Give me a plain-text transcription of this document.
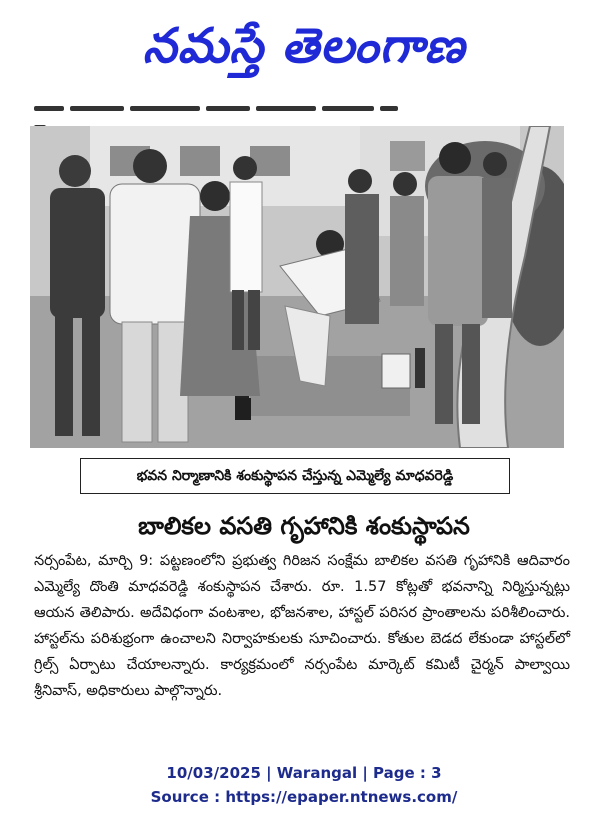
నమస్తే తెలంగాణ
భవన నిర్మాణానికి శంకుస్థాపన చేస్తున్న ఎమ్మెల్యే మాధవరెడ్డి
బాలికల వసతి గృహానికి శంకుస్థాపన
నర్సంపేట, మార్చి 9: పట్టణంలోని ప్రభుత్వ గిరిజన సంక్షేమ బాలికల వసతి గృహానికి ఆదివారం ఎమ్మెల్యే దొంతి మాధవరెడ్డి శంకుస్థాపన చేశారు. రూ. 1.57 కోట్లతో భవనాన్ని నిర్మిస్తున్నట్లు ఆయన తెలిపారు. అదేవిధంగా వంటశాల, భోజనశాల, హాస్టల్ పరిసర ప్రాంతాలను పరిశీలించారు. హాస్టల్‌ను పరిశుభ్రంగా ఉంచాలని నిర్వాహకులకు సూచించారు. కోతుల బెడద లేకుండా హాస్టల్‌లో గ్రిల్స్ ఏర్పాటు చేయాలన్నారు. కార్యక్రమంలో నర్సంపేట మార్కెట్ కమిటీ చైర్మన్ పాల్వాయి శ్రీనివాస్, అధికారులు పాల్గొన్నారు.
10/03/2025 | Warangal | Page : 3
Source : https://epaper.ntnews.com/
